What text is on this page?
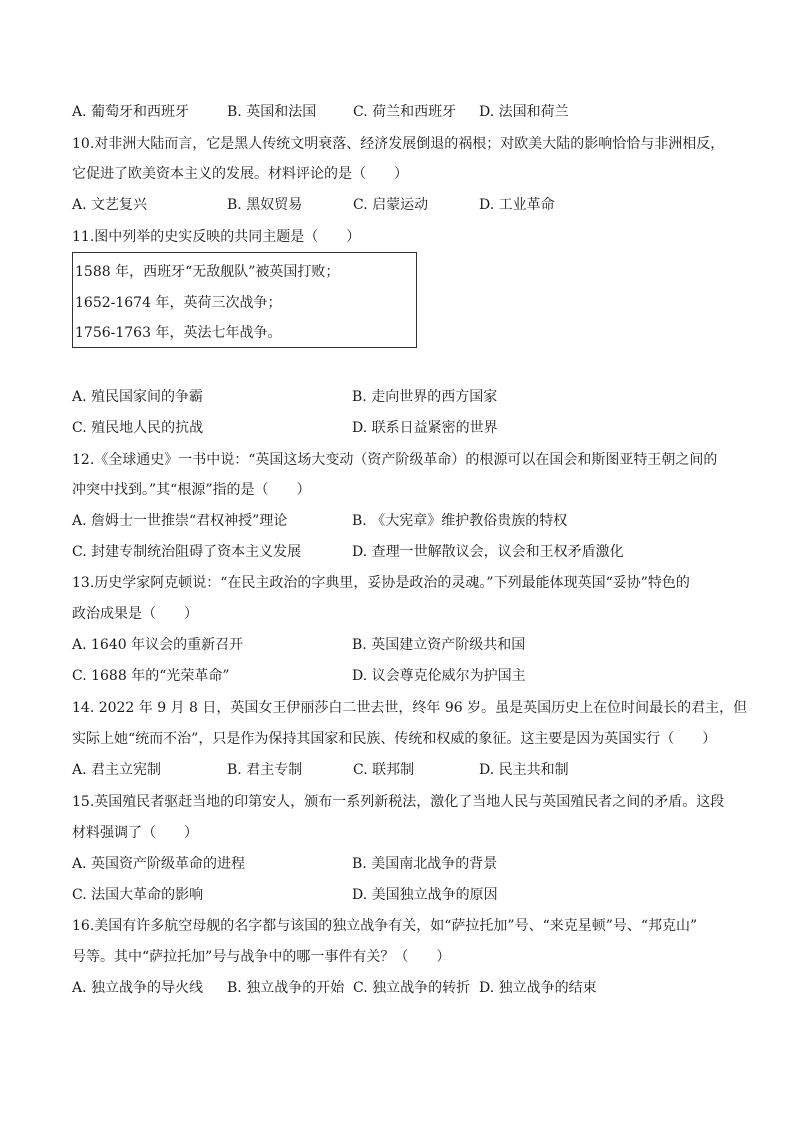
A. 葡萄牙和西班牙	B. 英国和法国	C. 荷兰和西班牙 D. 法国和荷兰
10.对非洲大陆而言，它是黑人传统文明衰落、经济发展倒退的祸根；对欧美大陆的影响恰恰与非洲相反，
它促进了欧美资本主义的发展。材料评论的是（　　）
A. 文艺复兴	B. 黑奴贸易	C. 启蒙运动	D. 工业革命
11.图中列举的史实反映的共同主题是（　　）
1588 年，西班牙“无敌舰队”被英国打败；
1652-1674 年，英荷三次战争；
1756-1763 年，英法七年战争。
A. 殖民国家间的争霸	B. 走向世界的西方国家
C. 殖民地人民的抗战	D. 联系日益紧密的世界
12.《全球通史》一书中说：“英国这场大变动（资产阶级革命）的根源可以在国会和斯图亚特王朝之间的
冲突中找到。”其“根源”指的是（　　）
A. 詹姆士一世推崇“君权神授”理论	B. 《大宪章》维护教俗贵族的特权
C. 封建专制统治阻碍了资本主义发展	D. 查理一世解散议会，议会和王权矛盾激化
13.历史学家阿克顿说：“在民主政治的字典里，妥协是政治的灵魂。”下列最能体现英国“妥协”特色的
政治成果是（　　）
A. 1640 年议会的重新召开	B. 英国建立资产阶级共和国
C. 1688 年的“光荣革命”	D. 议会尊克伦威尔为护国主
14. 2022 年 9 月 8 日，英国女王伊丽莎白二世去世，终年 96 岁。虽是英国历史上在位时间最长的君主，但
实际上她“统而不治”，只是作为保持其国家和民族、传统和权威的象征。这主要是因为英国实行（　　）
A. 君主立宪制	B. 君主专制	C. 联邦制	D. 民主共和制
15.英国殖民者驱赶当地的印第安人，颁布一系列新税法，激化了当地人民与英国殖民者之间的矛盾。这段
材料强调了（　　）
A. 英国资产阶级革命的进程	B. 美国南北战争的背景
C. 法国大革命的影响	D. 美国独立战争的原因
16.美国有许多航空母舰的名字都与该国的独立战争有关，如“萨拉托加”号、“来克星顿”号、“邦克山”
号等。其中“萨拉托加”号与战争中的哪一事件有关？（　　）
A. 独立战争的导火线 B. 独立战争的开始 C. 独立战争的转折 D. 独立战争的结束
